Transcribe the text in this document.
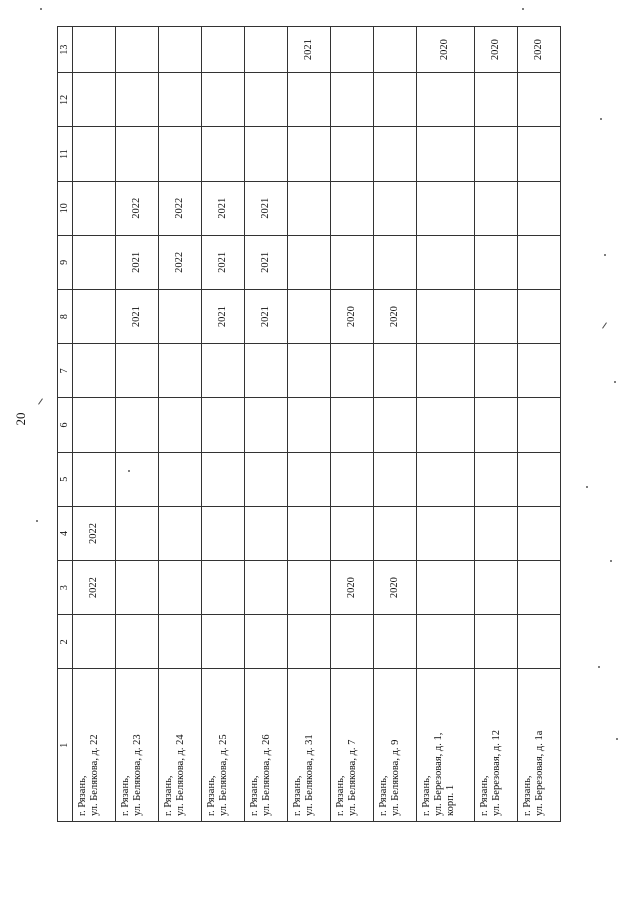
20
1	2	3	4	5	6	7	8	9	10	11	12	13

г. Рязань, ул. Белякова, д. 22		2022	2022									

г. Рязань, ул. Белякова, д. 23							2021	2021	2022			

г. Рязань, ул. Белякова, д. 24								2022	2022			

г. Рязань, ул. Белякова, д. 25							2021	2021	2021			

г. Рязань, ул. Белякова, д. 26							2021	2021	2021			

г. Рязань, ул. Белякова, д. 31												2021

г. Рязань, ул. Белякова, д. 7		2020					2020					

г. Рязань, ул. Белякова, д. 9		2020					2020					

г. Рязань, ул. Березовая, д. 1, корп. 1												2020

г. Рязань, ул. Березовая, д. 12												2020

г. Рязань, ул. Березовая, д. 1а												2020
